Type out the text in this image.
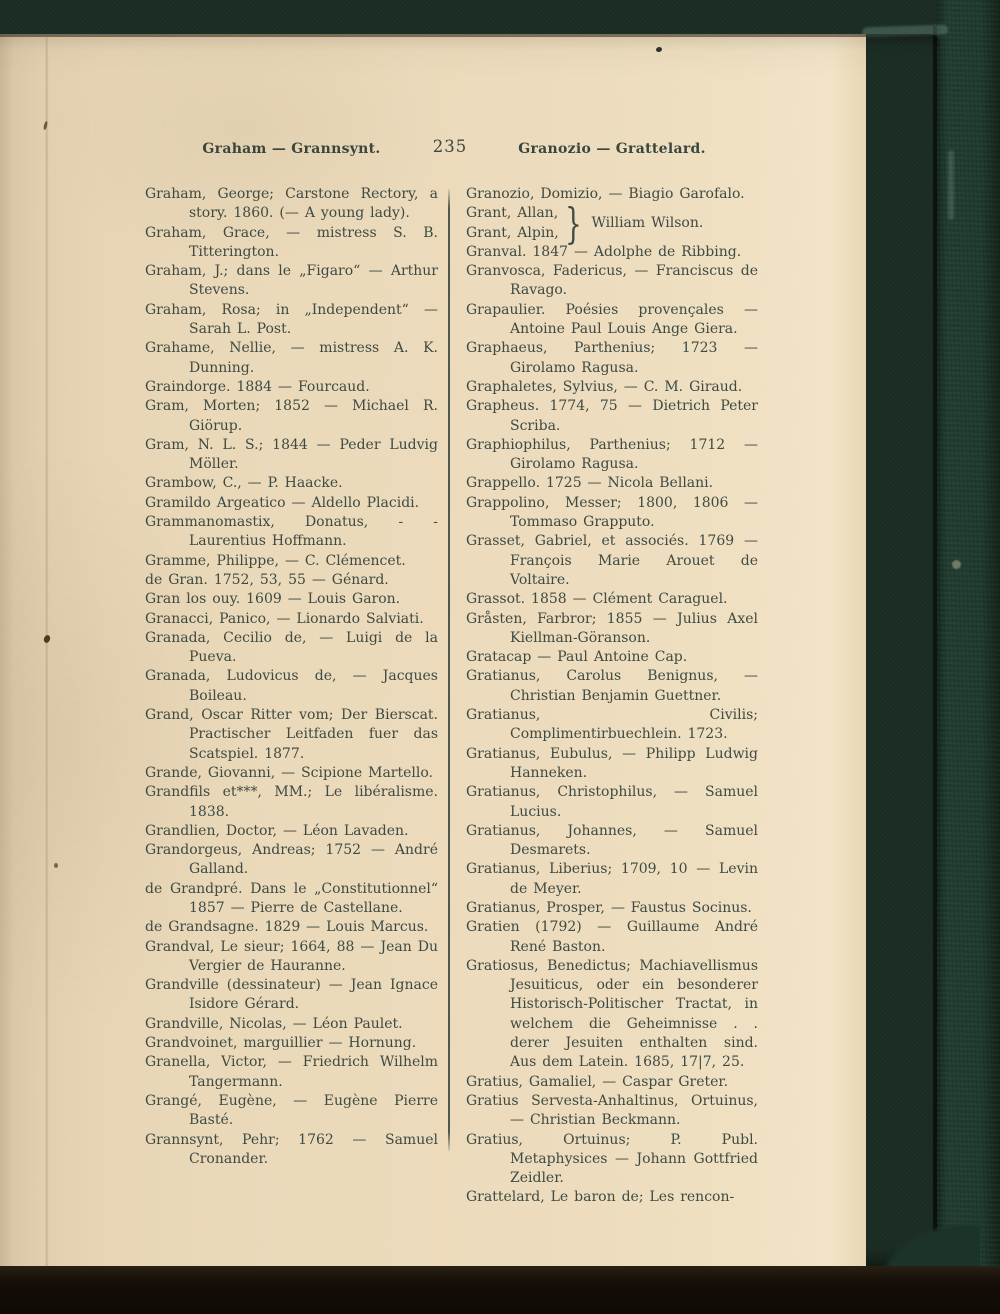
Graham — Grannsynt.	235	Granozio — Grattelard.
Graham, George; Carstone Rectory, a story. 1860. (— A young lady).
Graham, Grace, — mistress S. B. Titterington.
Graham, J.; dans le „Figaro“ — Arthur Stevens.
Graham, Rosa; in „Independent“ — Sarah L. Post.
Grahame, Nellie, — mistress A. K. Dunning.
Graindorge. 1884 — Fourcaud.
Gram, Morten; 1852 — Michael R. Giörup.
Gram, N. L. S.; 1844 — Peder Ludvig Möller.
Grambow, C., — P. Haacke.
Gramildo Argeatico — Aldello Placidi.
Grammanomastix, Donatus, - - Laurentius Hoffmann.
Gramme, Philippe, — C. Clémencet.
de Gran. 1752, 53, 55 — Génard.
Gran los ouy. 1609 — Louis Garon.
Granacci, Panico, — Lionardo Salviati.
Granada, Cecilio de, — Luigi de la Pueva.
Granada, Ludovicus de, — Jacques Boileau.
Grand, Oscar Ritter vom; Der Bierscat. Practischer Leitfaden fuer das Scatspiel. 1877.
Grande, Giovanni, — Scipione Martello.
Grandfils et***, MM.; Le libéralisme. 1838.
Grandlien, Doctor, — Léon Lavaden.
Grandorgeus, Andreas; 1752 — André Galland.
de Grandpré. Dans le „Constitutionnel“ 1857 — Pierre de Castellane.
de Grandsagne. 1829 — Louis Marcus.
Grandval, Le sieur; 1664, 88 — Jean Du Vergier de Hauranne.
Grandville (dessinateur) — Jean Ignace Isidore Gérard.
Grandville, Nicolas, — Léon Paulet.
Grandvoinet, marguillier — Hornung.
Granella, Victor, — Friedrich Wilhelm Tangermann.
Grangé, Eugène, — Eugène Pierre Basté.
Grannsynt, Pehr; 1762 — Samuel Cronander.
Granozio, Domizio, — Biagio Garofalo.
Grant, Allan,
Grant, Alpin, } William Wilson.
Granval. 1847 — Adolphe de Ribbing.
Granvosca, Fadericus, — Franciscus de Ravago.
Grapaulier. Poésies provençales — Antoine Paul Louis Ange Giera.
Graphaeus, Parthenius; 1723 — Girolamo Ragusa.
Graphaletes, Sylvius, — C. M. Giraud.
Grapheus. 1774, 75 — Dietrich Peter Scriba.
Graphiophilus, Parthenius; 1712 — Girolamo Ragusa.
Grappello. 1725 — Nicola Bellani.
Grappolino, Messer; 1800, 1806 — Tommaso Grapputo.
Grasset, Gabriel, et associés. 1769 — François Marie Arouet de Voltaire.
Grassot. 1858 — Clément Caraguel.
Gråsten, Farbror; 1855 — Julius Axel Kiellman-Göranson.
Gratacap — Paul Antoine Cap.
Gratianus, Carolus Benignus, — Christian Benjamin Guettner.
Gratianus, Civilis; Complimentirbuechlein. 1723.
Gratianus, Eubulus, — Philipp Ludwig Hanneken.
Gratianus, Christophilus, — Samuel Lucius.
Gratianus, Johannes, — Samuel Desmarets.
Gratianus, Liberius; 1709, 10 — Levin de Meyer.
Gratianus, Prosper, — Faustus Socinus.
Gratien (1792) — Guillaume André René Baston.
Gratiosus, Benedictus; Machiavellismus Jesuiticus, oder ein besonderer Historisch-Politischer Tractat, in welchem die Geheimnisse . . derer Jesuiten enthalten sind. Aus dem Latein. 1685, 17|7, 25.
Gratius, Gamaliel, — Caspar Greter.
Gratius Servesta-Anhaltinus, Ortuinus, — Christian Beckmann.
Gratius, Ortuinus; P. Publ. Metaphysices — Johann Gottfried Zeidler.
Grattelard, Le baron de; Les rencon-
